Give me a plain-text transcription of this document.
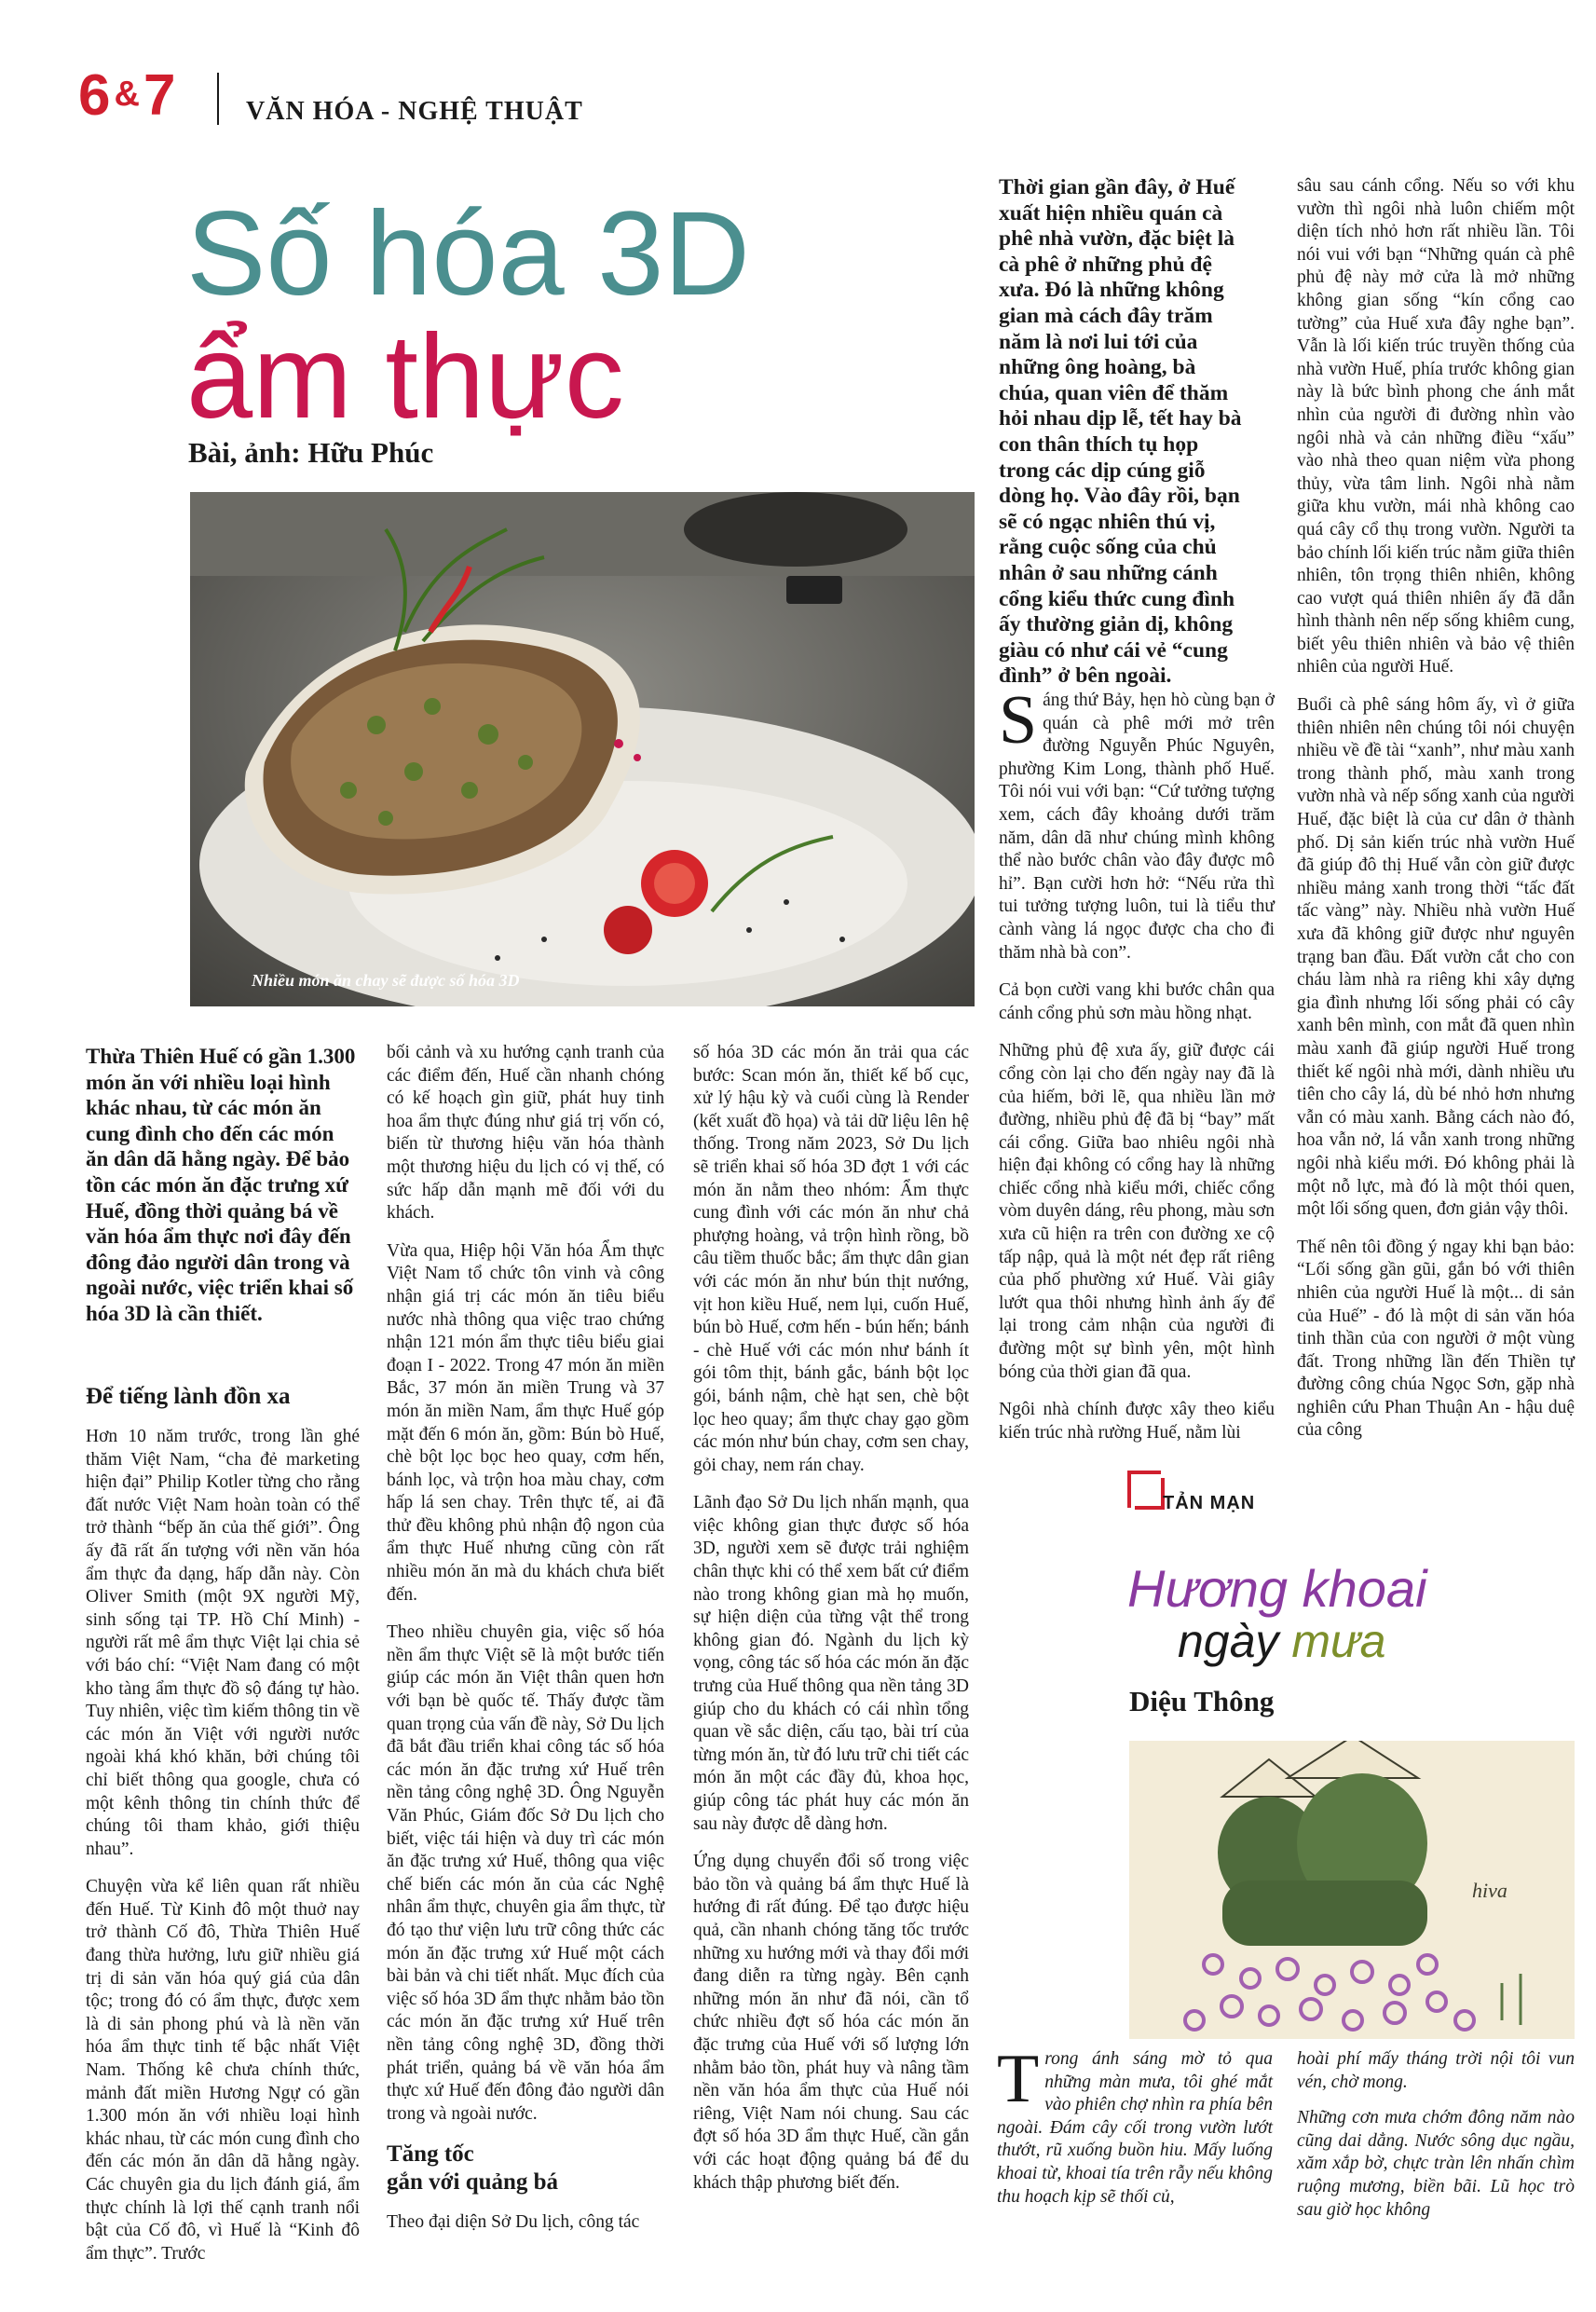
6 &7	VĂN HÓA - NGHỆ THUẬT
Số hóa 3D
ẩm thực
Bài, ảnh: Hữu Phúc
Nhiều món ăn chay sẽ được số hóa 3D
Thừa Thiên Huế có gần 1.300 món ăn với nhiều loại hình khác nhau, từ các món ăn cung đình cho đến các món ăn dân dã hằng ngày. Để bảo tồn các món ăn đặc trưng xứ Huế, đồng thời quảng bá về văn hóa ẩm thực nơi đây đến đông đảo người dân trong và ngoài nước, việc triển khai số hóa 3D là cần thiết.

Để tiếng lành đồn xa

Hơn 10 năm trước, trong lần ghé thăm Việt Nam, “cha đẻ marketing hiện đại” Philip Kotler từng cho rằng đất nước Việt Nam hoàn toàn có thể trở thành “bếp ăn của thế giới”. Ông ấy đã rất ấn tượng với nền văn hóa ẩm thực đa dạng, hấp dẫn này. Còn Oliver Smith (một 9X người Mỹ, sinh sống tại TP. Hồ Chí Minh) - người rất mê ẩm thực Việt lại chia sẻ với báo chí: “Việt Nam đang có một kho tàng ẩm thực đồ sộ đáng tự hào. Tuy nhiên, việc tìm kiếm thông tin về các món ăn Việt với người nước ngoài khá khó khăn, bởi chúng tôi chỉ biết thông qua google, chưa có một kênh thông tin chính thức để chúng tôi tham khảo, giới thiệu nhau”.

Chuyện vừa kể liên quan rất nhiều đến Huế. Từ Kinh đô một thuở nay trở thành Cố đô, Thừa Thiên Huế đang thừa hưởng, lưu giữ nhiều giá trị di sản văn hóa quý giá của dân tộc; trong đó có ẩm thực, được xem là di sản phong phú và là nền văn hóa ẩm thực tinh tế bậc nhất Việt Nam. Thống kê chưa chính thức, mảnh đất miền Hương Ngự có gần 1.300 món ăn với nhiều loại hình khác nhau, từ các món cung đình cho đến các món ăn dân dã hằng ngày. Các chuyên gia du lịch đánh giá, ẩm thực chính là lợi thế cạnh tranh nổi bật của Cố đô, vì Huế là “Kinh đô ẩm thực”. Trước

bối cảnh và xu hướng cạnh tranh của các điểm đến, Huế cần nhanh chóng có kế hoạch gìn giữ, phát huy tinh hoa ẩm thực đúng như giá trị vốn có, biến từ thương hiệu văn hóa thành một thương hiệu du lịch có vị thế, có sức hấp dẫn mạnh mẽ đối với du khách.

Vừa qua, Hiệp hội Văn hóa Ẩm thực Việt Nam tổ chức tôn vinh và công nhận giá trị các món ăn tiêu biểu nước nhà thông qua việc trao chứng nhận 121 món ẩm thực tiêu biểu giai đoạn I - 2022. Trong 47 món ăn miền Bắc, 37 món ăn miền Trung và 37 món ăn miền Nam, ẩm thực Huế góp mặt đến 6 món ăn, gồm: Bún bò Huế, chè bột lọc bọc heo quay, cơm hến, bánh lọc, và trộn hoa màu chay, cơm hấp lá sen chay. Trên thực tế, ai đã thử đều không phủ nhận độ ngon của ẩm thực Huế nhưng cũng còn rất nhiều món ăn mà du khách chưa biết đến.

Theo nhiều chuyên gia, việc số hóa nền ẩm thực Việt sẽ là một bước tiến giúp các món ăn Việt thân quen hơn với bạn bè quốc tế. Thấy được tầm quan trọng của vấn đề này, Sở Du lịch đã bắt đầu triển khai công tác số hóa các món ăn đặc trưng xứ Huế trên nền tảng công nghệ 3D. Ông Nguyễn Văn Phúc, Giám đốc Sở Du lịch cho biết, việc tái hiện và duy trì các món ăn đặc trưng xứ Huế, thông qua việc chế biến các món ăn của các Nghệ nhân ẩm thực, chuyên gia ẩm thực, từ đó tạo thư viện lưu trữ công thức các món ăn đặc trưng xứ Huế một cách bài bản và chi tiết nhất. Mục đích của việc số hóa 3D ẩm thực nhằm bảo tồn các món ăn đặc trưng xứ Huế trên nền tảng công nghệ 3D, đồng thời phát triển, quảng bá về văn hóa ẩm thực xứ Huế đến đông đảo người dân trong và ngoài nước.

Tăng tốc

gắn với quảng bá

Theo đại diện Sở Du lịch, công tác

số hóa 3D các món ăn trải qua các bước: Scan món ăn, thiết kế bố cục, xử lý hậu kỳ và cuối cùng là Render (kết xuất đồ họa) và tải dữ liệu lên hệ thống. Trong năm 2023, Sở Du lịch sẽ triển khai số hóa 3D đợt 1 với các món ăn nằm theo nhóm: Ẩm thực cung đình với các món ăn như chả phượng hoàng, vả trộn hình rồng, bồ câu tiềm thuốc bắc; ẩm thực dân gian với các món ăn như bún thịt nướng, vịt hon kiều Huế, nem lụi, cuốn Huế, bún bò Huế, cơm hến - bún hến; bánh - chè Huế với các món như bánh ít gói tôm thịt, bánh gắc, bánh bột lọc gói, bánh nậm, chè hạt sen, chè bột lọc heo quay; ẩm thực chay gạo gồm các món như bún chay, cơm sen chay, gỏi chay, nem rán chay.

Lãnh đạo Sở Du lịch nhấn mạnh, qua việc không gian thực được số hóa 3D, người xem sẽ được trải nghiệm chân thực khi có thể xem bất cứ điểm nào trong không gian mà họ muốn, sự hiện diện của từng vật thể trong không gian đó. Ngành du lịch kỳ vọng, công tác số hóa các món ăn đặc trưng của Huế thông qua nền tảng 3D giúp cho du khách có cái nhìn tổng quan về sắc diện, cấu tạo, bài trí của từng món ăn, từ đó lưu trữ chi tiết các món ăn một các đầy đủ, khoa học, giúp công tác phát huy các món ăn sau này được dễ dàng hơn.

Ứng dụng chuyển đổi số trong việc bảo tồn và quảng bá ẩm thực Huế là hướng đi rất đúng. Để tạo được hiệu quả, cần nhanh chóng tăng tốc trước những xu hướng mới và thay đổi mới đang diễn ra từng ngày. Bên cạnh những món ăn như đã nói, cần tổ chức nhiều đợt số hóa các món ăn đặc trưng của Huế với số lượng lớn nhằm bảo tồn, phát huy và nâng tầm nền văn hóa ẩm thực của Huế nói riêng, Việt Nam nói chung. Sau các đợt số hóa 3D ẩm thực Huế, cần gắn với các hoạt động quảng bá để du khách thập phương biết đến.

Thời gian gần đây, ở Huế xuất hiện nhiều quán cà phê nhà vườn, đặc biệt là cà phê ở những phủ đệ xưa. Đó là những không gian mà cách đây trăm năm là nơi lui tới của những ông hoàng, bà chúa, quan viên để thăm hỏi nhau dịp lễ, tết hay bà con thân thích tụ họp trong các dịp cúng giỗ dòng họ. Vào đây rồi, bạn sẽ có ngạc nhiên thú vị, rằng cuộc sống của chủ nhân ở sau những cánh cổng kiểu thức cung đình ấy thường giản dị, không giàu có như cái vẻ “cung đình” ở bên ngoài.

Sáng thứ Bảy, hẹn hò cùng bạn ở quán cà phê mới mở trên đường Nguyễn Phúc Nguyên, phường Kim Long, thành phố Huế. Tôi nói vui với bạn: “Cứ tưởng tượng xem, cách đây khoảng dưới trăm năm, dân dã như chúng mình không thể nào bước chân vào đây được mô hỉ”. Bạn cười hơn hở: “Nếu rửa thì tui tưởng tượng luôn, tui là tiểu thư cành vàng lá ngọc được cha cho đi thăm nhà bà con”.

Cả bọn cười vang khi bước chân qua cánh cổng phủ sơn màu hồng nhạt.

Những phủ đệ xưa ấy, giữ được cái cổng còn lại cho đến ngày nay đã là của hiếm, bởi lẽ, qua nhiều lần mở đường, nhiều phủ đệ đã bị “bay” mất cái cổng. Giữa bao nhiêu ngôi nhà hiện đại không có cổng hay là những chiếc cổng nhà kiểu mới, chiếc cổng vòm duyên dáng, rêu phong, màu sơn xưa cũ hiện ra trên con đường xe cộ tấp nập, quả là một nét đẹp rất riêng của phố phường xứ Huế. Vài giây lướt qua thôi nhưng hình ảnh ấy để lại trong cảm nhận của người đi đường một sự bình yên, một hình bóng của thời gian đã qua.

Ngôi nhà chính được xây theo kiểu kiến trúc nhà rường Huế, nằm lùi

sâu sau cánh cổng. Nếu so với khu vườn thì ngôi nhà luôn chiếm một diện tích nhỏ hơn rất nhiều lần. Tôi nói vui với bạn “Những quán cà phê phủ đệ này mở cửa là mở những không gian sống “kín cổng cao tường” của Huế xưa đây nghe bạn”. Vẫn là lối kiến trúc truyền thống của nhà vườn Huế, phía trước không gian này là bức bình phong che ánh mắt nhìn của người đi đường nhìn vào ngôi nhà và cản những điều “xấu” vào nhà theo quan niệm vừa phong thủy, vừa tâm linh. Ngôi nhà nằm giữa khu vườn, mái nhà không cao quá cây cổ thụ trong vườn. Người ta bảo chính lối kiến trúc nằm giữa thiên nhiên, tôn trọng thiên nhiên, không cao vượt quá thiên nhiên ấy đã dẫn hình thành nên nếp sống khiêm cung, biết yêu thiên nhiên và bảo vệ thiên nhiên của người Huế.

Buổi cà phê sáng hôm ấy, vì ở giữa thiên nhiên nên chúng tôi nói chuyện nhiều về đề tài “xanh”, như màu xanh trong thành phố, màu xanh trong vườn nhà và nếp sống xanh của người Huế, đặc biệt là của cư dân ở thành phố. Dị sản kiến trúc nhà vườn Huế đã giúp đô thị Huế vẫn còn giữ được nhiều mảng xanh trong thời “tấc đất tấc vàng” này. Nhiều nhà vườn Huế xưa đã không giữ được như nguyên trạng ban đầu. Đất vườn cắt cho con cháu làm nhà ra riêng khi xây dựng gia đình nhưng lối sống phải có cây xanh bên mình, con mắt đã quen nhìn màu xanh đã giúp người Huế trong thiết kế ngôi nhà mới, dành nhiều ưu tiên cho cây lá, dù bé nhỏ hơn nhưng vẫn có màu xanh. Bằng cách nào đó, hoa vẫn nở, lá vẫn xanh trong những ngôi nhà kiểu mới. Đó không phải là một nỗ lực, mà đó là một thói quen, một lối sống quen, đơn giản vậy thôi.

Thế nên tôi đồng ý ngay khi bạn bảo: “Lối sống gần gũi, gắn bó với thiên nhiên của người Huế là một... di sản của Huế” - đó là một di sản văn hóa tinh thần của con người ở một vùng đất. Trong những lần đến Thiền tự đường công chúa Ngọc Sơn, gặp nhà nghiên cứu Phan Thuận An - hậu duệ của công

TẢN MẠN
Hương khoai
ngày mưa
Diệu Thông
hiva

Trong ánh sáng mờ tỏ qua những màn mưa, tôi ghé mắt vào phiên chợ nhìn ra phía bên ngoài. Đám cây cối trong vườn lướt thướt, rũ xuống buồn hiu. Mấy luống khoai từ, khoai tía trên rẫy nếu không thu hoạch kịp sẽ thối củ,

hoài phí mấy tháng trời nội tôi vun vén, chờ mong.

Những cơn mưa chớm đông năm nào cũng dai dẳng. Nước sông dục ngầu, xăm xắp bờ, chực tràn lên nhấn chìm ruộng mương, biền bãi. Lũ học trò sau giờ học không
